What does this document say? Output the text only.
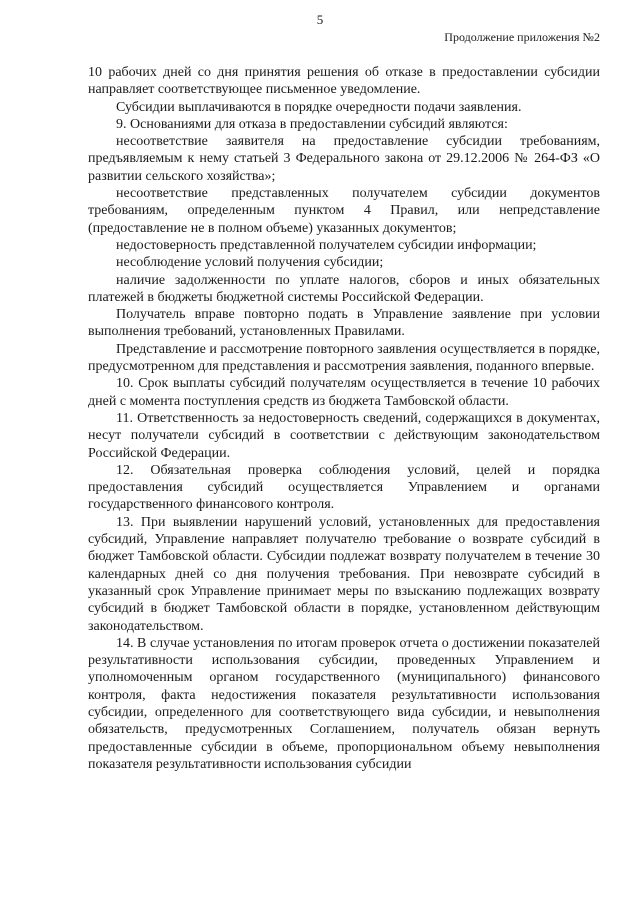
5
Продолжение приложения №2

10 рабочих дней со дня принятия решения об отказе в предоставлении субсидии направляет соответствующее письменное уведомление.

Субсидии выплачиваются в порядке очередности подачи заявления.

9. Основаниями для отказа в предоставлении субсидий являются:

несоответствие заявителя на предоставление субсидии требованиям, предъявляемым к нему статьей 3 Федерального закона от 29.12.2006 № 264-ФЗ «О развитии сельского хозяйства»;

несоответствие представленных получателем субсидии документов требованиям, определенным пунктом 4 Правил, или непредставление (предоставление не в полном объеме) указанных документов;

недостоверность представленной получателем субсидии информации;

несоблюдение условий получения субсидии;

наличие задолженности по уплате налогов, сборов и иных обязательных платежей в бюджеты бюджетной системы Российской Федерации.

Получатель вправе повторно подать в Управление заявление при условии выполнения требований, установленных Правилами.

Представление и рассмотрение повторного заявления осуществляется в порядке, предусмотренном для представления и рассмотрения заявления, поданного впервые.

10. Срок выплаты субсидий получателям осуществляется в течение 10 рабочих дней с момента поступления средств из бюджета Тамбовской области.

11. Ответственность за недостоверность сведений, содержащихся в документах, несут получатели субсидий в соответствии с действующим законодательством Российской Федерации.

12. Обязательная проверка соблюдения условий, целей и порядка предоставления субсидий осуществляется Управлением и органами государственного финансового контроля.

13. При выявлении нарушений условий, установленных для предоставления субсидий, Управление направляет получателю требование о возврате субсидий в бюджет Тамбовской области. Субсидии подлежат возврату получателем в течение 30 календарных дней со дня получения требования. При невозврате субсидий в указанный срок Управление принимает меры по взысканию подлежащих возврату субсидий в бюджет Тамбовской области в порядке, установленном действующим законодательством.

14. В случае установления по итогам проверок отчета о достижении показателей результативности использования субсидии, проведенных Управлением и уполномоченным органом государственного (муниципального) финансового контроля, факта недостижения показателя результативности использования субсидии, определенного для соответствующего вида субсидии, и невыполнения обязательств, предусмотренных Соглашением, получатель обязан вернуть предоставленные субсидии в объеме, пропорциональном объему невыполнения показателя результативности использования субсидии
